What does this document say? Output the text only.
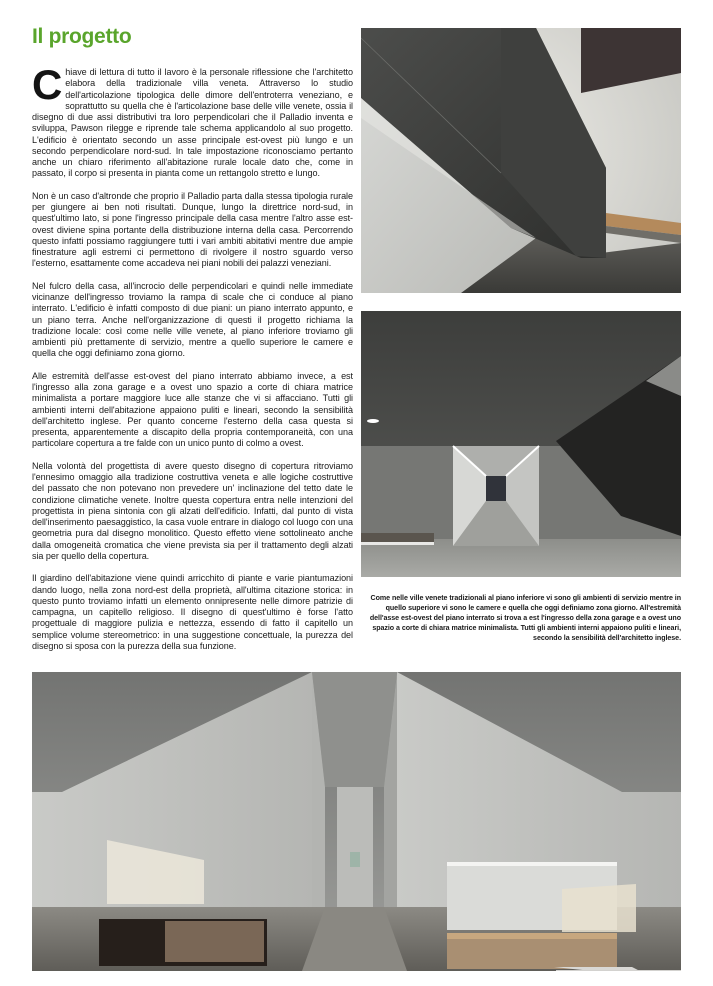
Il progetto

Chiave di lettura di tutto il lavoro è la personale riflessione che l'architetto elabora della tradizionale villa veneta. Attraverso lo studio dell'articolazione tipologica delle dimore dell'entroterra veneziano, e soprattutto su quella che è l'articolazione base delle ville venete, ossia il disegno di due assi distributivi tra loro perpendicolari che il Palladio inventa e sviluppa, Pawson rilegge e riprende tale schema applicandolo al suo progetto. L'edificio è orientato secondo un asse principale est-ovest più lungo e un secondo perpendicolare nord-sud. In tale impostazione riconosciamo pertanto anche un chiaro riferimento all'abitazione rurale locale dato che, come in passato, il corpo si presenta in pianta come un rettangolo stretto e lungo.

Non è un caso d'altronde che proprio il Palladio parta dalla stessa tipologia rurale per giungere ai ben noti risultati. Dunque, lungo la direttrice nord-sud, in quest'ultimo lato, si pone l'ingresso principale della casa mentre l'altro asse est-ovest diviene spina portante della distribuzione interna della casa. Percorrendo questo infatti possiamo raggiungere tutti i vari ambiti abitativi mentre due ampie finestrature agli estremi ci permettono di rivolgere il nostro sguardo verso l'esterno, esattamente come accadeva nei piani nobili dei palazzi veneziani.

Nel fulcro della casa, all'incrocio delle perpendicolari e quindi nelle immediate vicinanze dell'ingresso troviamo la rampa di scale che ci conduce al piano interrato. L'edificio è infatti composto di due piani: un piano interrato appunto, e un piano terra. Anche nell'organizzazione di questi il progetto richiama la tradizione locale: così come nelle ville venete, al piano inferiore troviamo gli ambienti più prettamente di servizio, mentre a quello superiore le camere e quella che oggi definiamo zona giorno.

Alle estremità dell'asse est-ovest del piano interrato abbiamo invece, a est l'ingresso alla zona garage e a ovest uno spazio a corte di chiara matrice minimalista a portare maggiore luce alle stanze che vi si affacciano. Tutti gli ambienti interni dell'abitazione appaiono puliti e lineari, secondo la sensibilità dell'architetto inglese. Per quanto concerne l'esterno della casa questa si presenta, apparentemente a discapito della propria contemporaneità, con una particolare copertura a tre falde con un unico punto di colmo a ovest.

Nella volontà del progettista di avere questo disegno di copertura ritroviamo l'ennesimo omaggio alla tradizione costruttiva veneta e alle logiche costruttive del passato che non potevano non prevedere un' inclinazione del tetto date le condizione climatiche venete. Inoltre questa copertura entra nelle intenzioni del progettista in piena sintonia con gli alzati dell'edificio. Infatti, dal punto di vista dell'inserimento paesaggistico, la casa vuole entrare in dialogo col luogo con una geometria pura dal disegno monolitico. Questo effetto viene sottolineato anche dalla omogeneità cromatica che viene prevista sia per il trattamento degli alzati sia per quello della copertura.

Il giardino dell'abitazione viene quindi arricchito di piante e varie piantumazioni dando luogo, nella zona nord-est della proprietà, all'ultima citazione storica: in questo punto troviamo infatti un elemento onnipresente nelle dimore patrizie di campagna, un capitello religioso. Il disegno di quest'ultimo è forse l'atto progettuale di maggiore pulizia e nettezza, essendo di fatto il capitello un semplice volume stereometrico: in una suggestione concettuale, la purezza del disegno si sposa con la purezza della sua funzione.

Come nelle ville venete tradizionali al piano inferiore vi sono gli ambienti di servizio mentre in quello superiore vi sono le camere e quella che oggi definiamo zona giorno. All'estremità dell'asse est-ovest del piano interrato si trova a est l'ingresso della zona garage e a ovest uno spazio a corte di chiara matrice minimalista. Tutti gli ambienti interni appaiono puliti e lineari, secondo la sensibilità dell'architetto inglese.
